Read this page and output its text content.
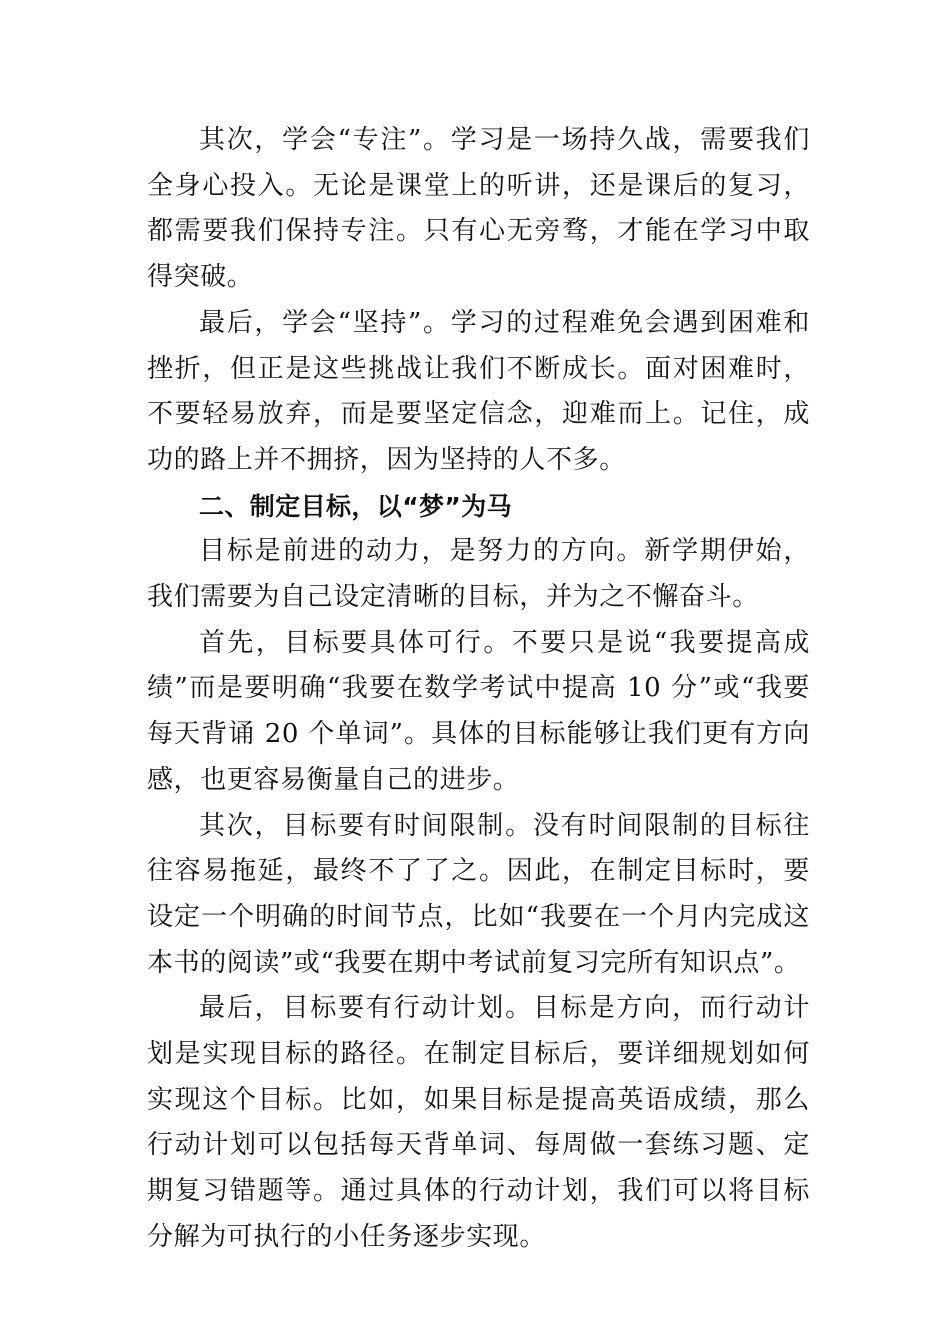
其次，学会“专注”。学习是一场持久战，需要我们全身心投入。无论是课堂上的听讲，还是课后的复习，都需要我们保持专注。只有心无旁骛，才能在学习中取得突破。

最后，学会“坚持”。学习的过程难免会遇到困难和挫折，但正是这些挑战让我们不断成长。面对困难时，不要轻易放弃，而是要坚定信念，迎难而上。记住，成功的路上并不拥挤，因为坚持的人不多。

二、制定目标，以“梦”为马

目标是前进的动力，是努力的方向。新学期伊始，我们需要为自己设定清晰的目标，并为之不懈奋斗。

首先，目标要具体可行。不要只是说“我要提高成绩”而是要明确“我要在数学考试中提高 10 分”或“我要每天背诵 20 个单词”。具体的目标能够让我们更有方向感，也更容易衡量自己的进步。

其次，目标要有时间限制。没有时间限制的目标往往容易拖延，最终不了了之。因此，在制定目标时，要设定一个明确的时间节点，比如“我要在一个月内完成这本书的阅读”或“我要在期中考试前复习完所有知识点”。

最后，目标要有行动计划。目标是方向，而行动计划是实现目标的路径。在制定目标后，要详细规划如何实现这个目标。比如，如果目标是提高英语成绩，那么行动计划可以包括每天背单词、每周做一套练习题、定期复习错题等。通过具体的行动计划，我们可以将目标分解为可执行的小任务逐步实现。
